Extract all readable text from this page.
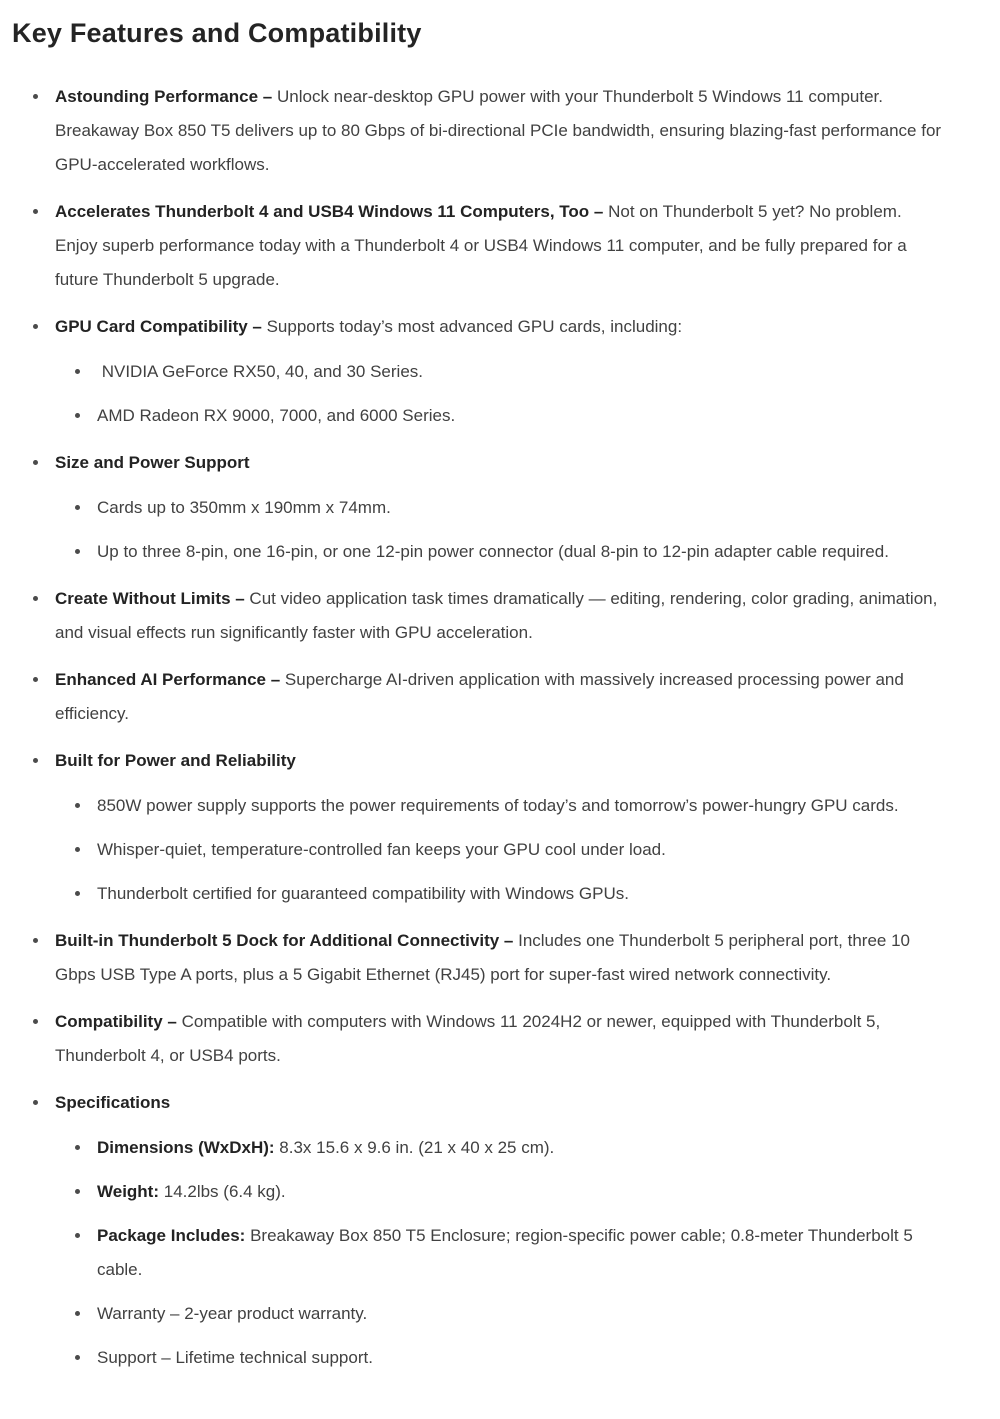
Key Features and Compatibility
Astounding Performance – Unlock near-desktop GPU power with your Thunderbolt 5 Windows 11 computer. Breakaway Box 850 T5 delivers up to 80 Gbps of bi-directional PCIe bandwidth, ensuring blazing-fast performance for GPU-accelerated workflows.
Accelerates Thunderbolt 4 and USB4 Windows 11 Computers, Too – Not on Thunderbolt 5 yet? No problem. Enjoy superb performance today with a Thunderbolt 4 or USB4 Windows 11 computer, and be fully prepared for a future Thunderbolt 5 upgrade.
GPU Card Compatibility – Supports today’s most advanced GPU cards, including:
NVIDIA GeForce RX50, 40, and 30 Series.
AMD Radeon RX 9000, 7000, and 6000 Series.
Size and Power Support
Cards up to 350mm x 190mm x 74mm.
Up to three 8-pin, one 16-pin, or one 12-pin power connector (dual 8-pin to 12-pin adapter cable required.
Create Without Limits – Cut video application task times dramatically — editing, rendering, color grading, animation, and visual effects run significantly faster with GPU acceleration.
Enhanced AI Performance – Supercharge AI-driven application with massively increased processing power and efficiency.
Built for Power and Reliability
850W power supply supports the power requirements of today’s and tomorrow’s power-hungry GPU cards.
Whisper-quiet, temperature-controlled fan keeps your GPU cool under load.
Thunderbolt certified for guaranteed compatibility with Windows GPUs.
Built-in Thunderbolt 5 Dock for Additional Connectivity – Includes one Thunderbolt 5 peripheral port, three 10 Gbps USB Type A ports, plus a 5 Gigabit Ethernet (RJ45) port for super-fast wired network connectivity.
Compatibility – Compatible with computers with Windows 11 2024H2 or newer, equipped with Thunderbolt 5, Thunderbolt 4, or USB4 ports.
Specifications
Dimensions (WxDxH): 8.3x 15.6 x 9.6 in. (21 x 40 x 25 cm).
Weight: 14.2lbs (6.4 kg).
Package Includes: Breakaway Box 850 T5 Enclosure; region-specific power cable; 0.8-meter Thunderbolt 5 cable.
Warranty – 2-year product warranty.
Support – Lifetime technical support.
